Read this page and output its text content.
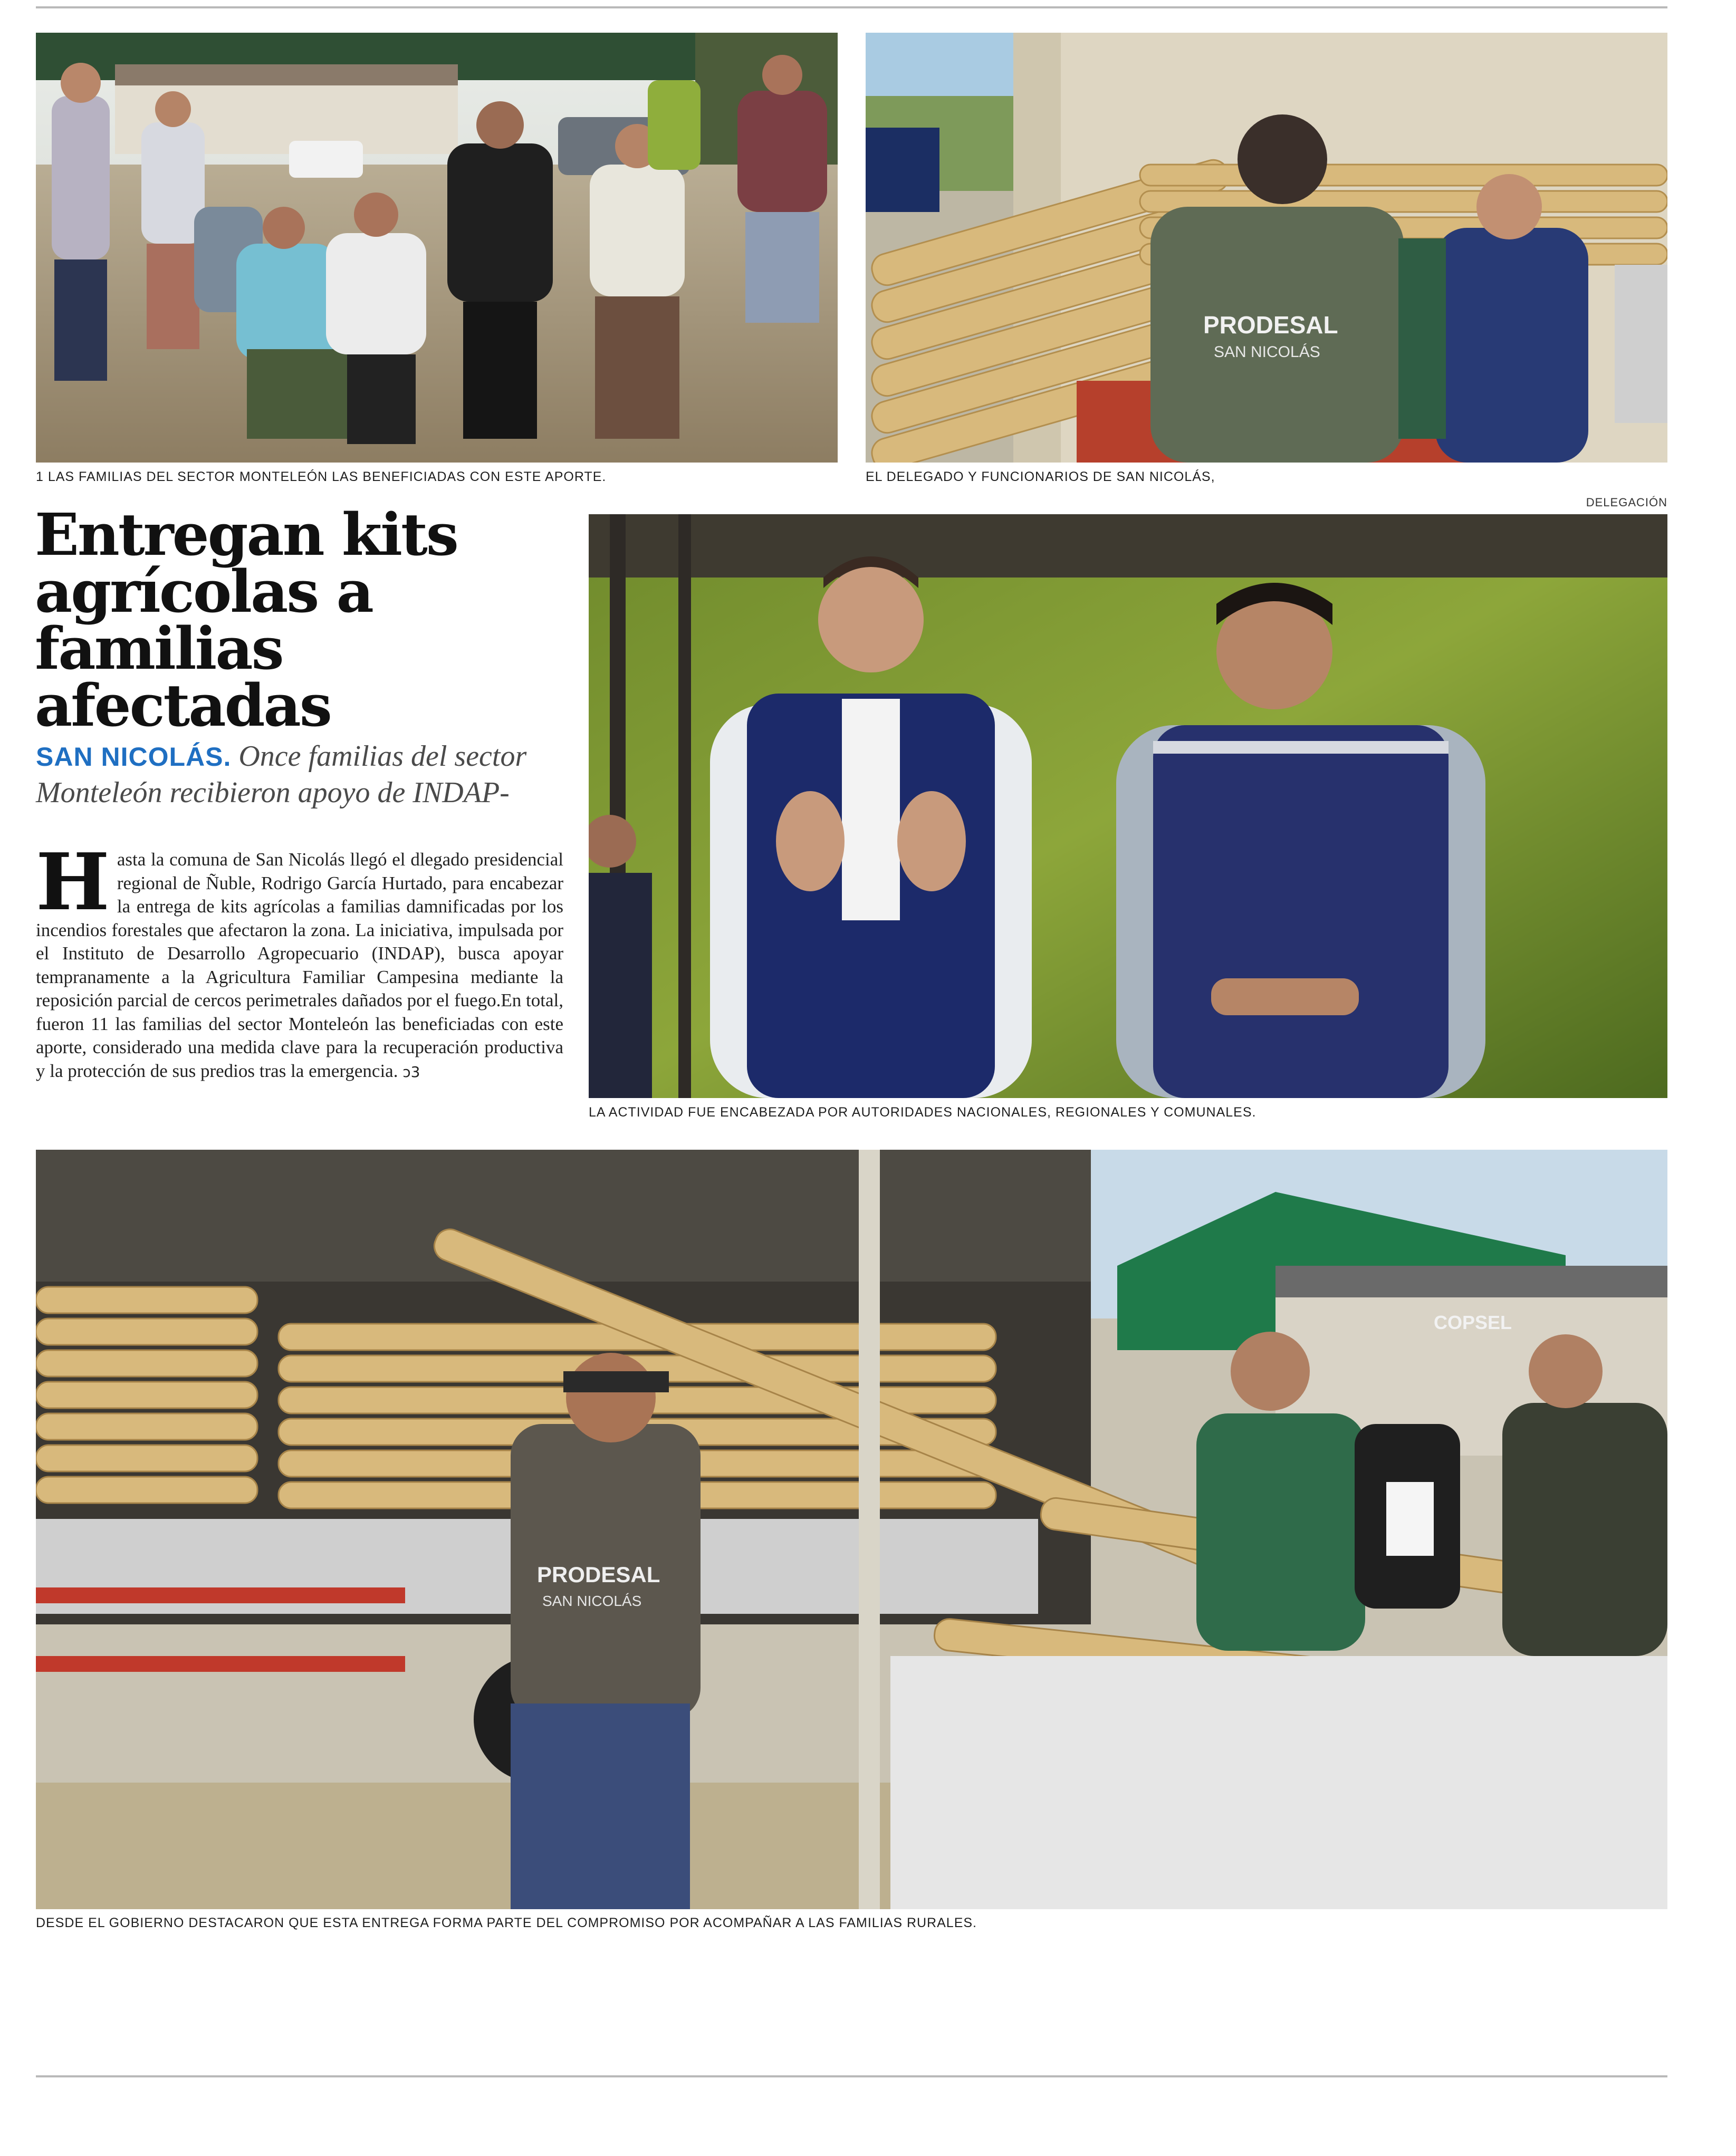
1 LAS FAMILIAS DEL SECTOR MONTELEÓN LAS BENEFICIADAS CON ESTE APORTE.
PRODESAL
SAN NICOLÁS
EL DELEGADO Y FUNCIONARIOS DE SAN NICOLÁS,
DELEGACIÓN
Entregan kits agrícolas a familias afectadas
SAN NICOLÁS. Once familias del sector Monteleón recibieron apoyo de INDAP-
H asta la comuna de San Nicolás llegó el dlegado presidencial regional de Ñuble, Rodrigo García Hurtado, para encabezar la entrega de kits agrícolas a familias damnificadas por los incendios forestales que afectaron la zona. La iniciativa, impulsada por el Instituto de Desarrollo Agropecuario (INDAP), busca apoyar tempranamente a la Agricultura Familiar Campesina mediante la reposición parcial de cercos perimetrales dañados por el fuego.En total, fueron 11 las familias del sector Monteleón las beneficiadas con este aporte, considerado una medida clave para la recuperación productiva y la protección de sus predios tras la emergencia. ↄ3
LA ACTIVIDAD FUE ENCABEZADA POR AUTORIDADES NACIONALES, REGIONALES Y COMUNALES.
PRODESAL
SAN NICOLÁS
COPSEL
DESDE EL GOBIERNO DESTACARON QUE ESTA ENTREGA FORMA PARTE DEL COMPROMISO POR ACOMPAÑAR A LAS FAMILIAS RURALES.
